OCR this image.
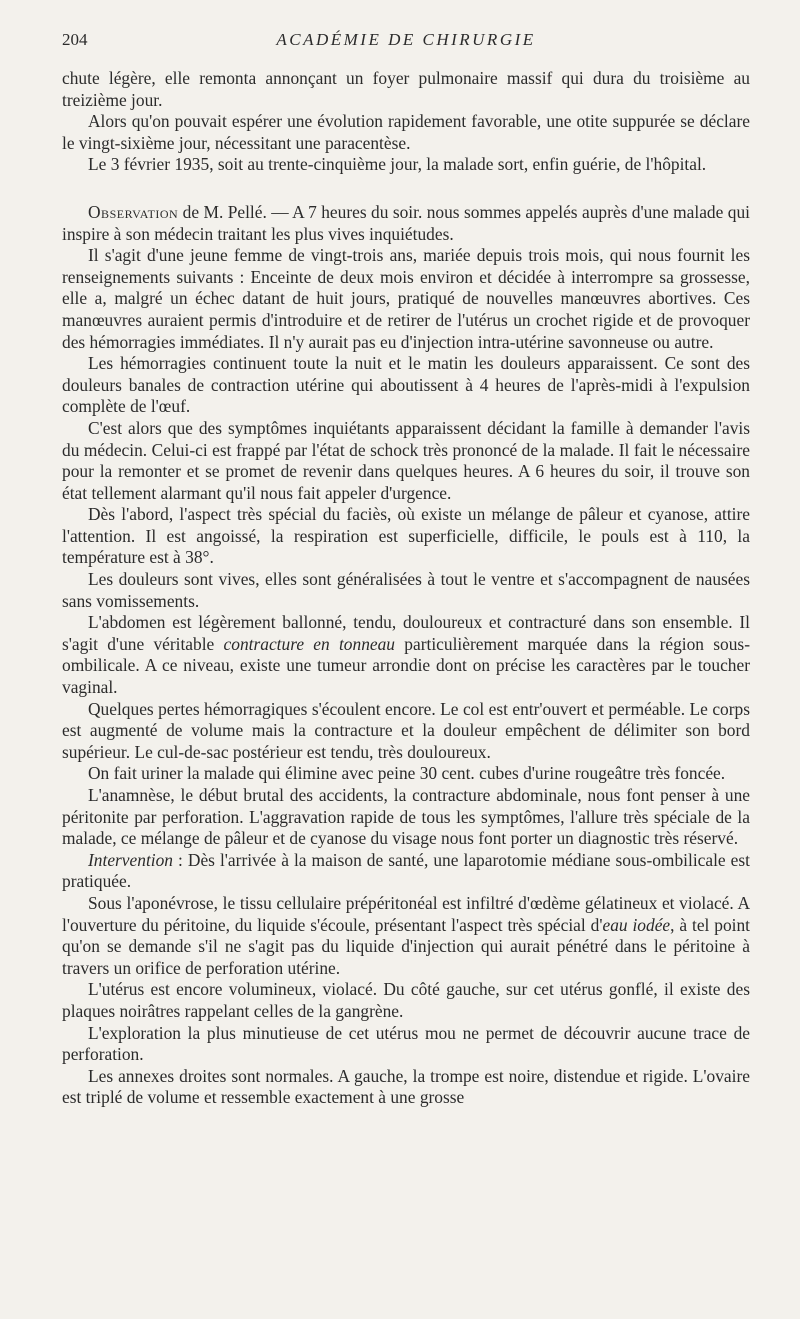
204	ACADÉMIE DE CHIRURGIE

chute légère, elle remonta annonçant un foyer pulmonaire massif qui dura du troisième au treizième jour.

Alors qu'on pouvait espérer une évolution rapidement favorable, une otite suppurée se déclare le vingt-sixième jour, nécessitant une paracentèse.

Le 3 février 1935, soit au trente-cinquième jour, la malade sort, enfin guérie, de l'hôpital.

Observation de M. Pellé. — A 7 heures du soir. nous sommes appelés auprès d'une malade qui inspire à son médecin traitant les plus vives inquiétudes.

Il s'agit d'une jeune femme de vingt-trois ans, mariée depuis trois mois, qui nous fournit les renseignements suivants : Enceinte de deux mois environ et décidée à interrompre sa grossesse, elle a, malgré un échec datant de huit jours, pratiqué de nouvelles manœuvres abortives. Ces manœuvres auraient permis d'introduire et de retirer de l'utérus un crochet rigide et de provoquer des hémorragies immédiates. Il n'y aurait pas eu d'injection intra-utérine savonneuse ou autre.

Les hémorragies continuent toute la nuit et le matin les douleurs apparaissent. Ce sont des douleurs banales de contraction utérine qui aboutissent à 4 heures de l'après-midi à l'expulsion complète de l'œuf.

C'est alors que des symptômes inquiétants apparaissent décidant la famille à demander l'avis du médecin. Celui-ci est frappé par l'état de schock très prononcé de la malade. Il fait le nécessaire pour la remonter et se promet de revenir dans quelques heures. A 6 heures du soir, il trouve son état tellement alarmant qu'il nous fait appeler d'urgence.

Dès l'abord, l'aspect très spécial du faciès, où existe un mélange de pâleur et cyanose, attire l'attention. Il est angoissé, la respiration est superficielle, difficile, le pouls est à 110, la température est à 38°.

Les douleurs sont vives, elles sont généralisées à tout le ventre et s'accompagnent de nausées sans vomissements.

L'abdomen est légèrement ballonné, tendu, douloureux et contracturé dans son ensemble. Il s'agit d'une véritable contracture en tonneau particulièrement marquée dans la région sous-ombilicale. A ce niveau, existe une tumeur arrondie dont on précise les caractères par le toucher vaginal.

Quelques pertes hémorragiques s'écoulent encore. Le col est entr'ouvert et perméable. Le corps est augmenté de volume mais la contracture et la douleur empêchent de délimiter son bord supérieur. Le cul-de-sac postérieur est tendu, très douloureux.

On fait uriner la malade qui élimine avec peine 30 cent. cubes d'urine rougeâtre très foncée.

L'anamnèse, le début brutal des accidents, la contracture abdominale, nous font penser à une péritonite par perforation. L'aggravation rapide de tous les symptômes, l'allure très spéciale de la malade, ce mélange de pâleur et de cyanose du visage nous font porter un diagnostic très réservé.

Intervention : Dès l'arrivée à la maison de santé, une laparotomie médiane sous-ombilicale est pratiquée.

Sous l'aponévrose, le tissu cellulaire prépéritonéal est infiltré d'œdème gélatineux et violacé. A l'ouverture du péritoine, du liquide s'écoule, présentant l'aspect très spécial d'eau iodée, à tel point qu'on se demande s'il ne s'agit pas du liquide d'injection qui aurait pénétré dans le péritoine à travers un orifice de perforation utérine.

L'utérus est encore volumineux, violacé. Du côté gauche, sur cet utérus gonflé, il existe des plaques noirâtres rappelant celles de la gangrène.

L'exploration la plus minutieuse de cet utérus mou ne permet de découvrir aucune trace de perforation.

Les annexes droites sont normales. A gauche, la trompe est noire, distendue et rigide. L'ovaire est triplé de volume et ressemble exactement à une grosse
